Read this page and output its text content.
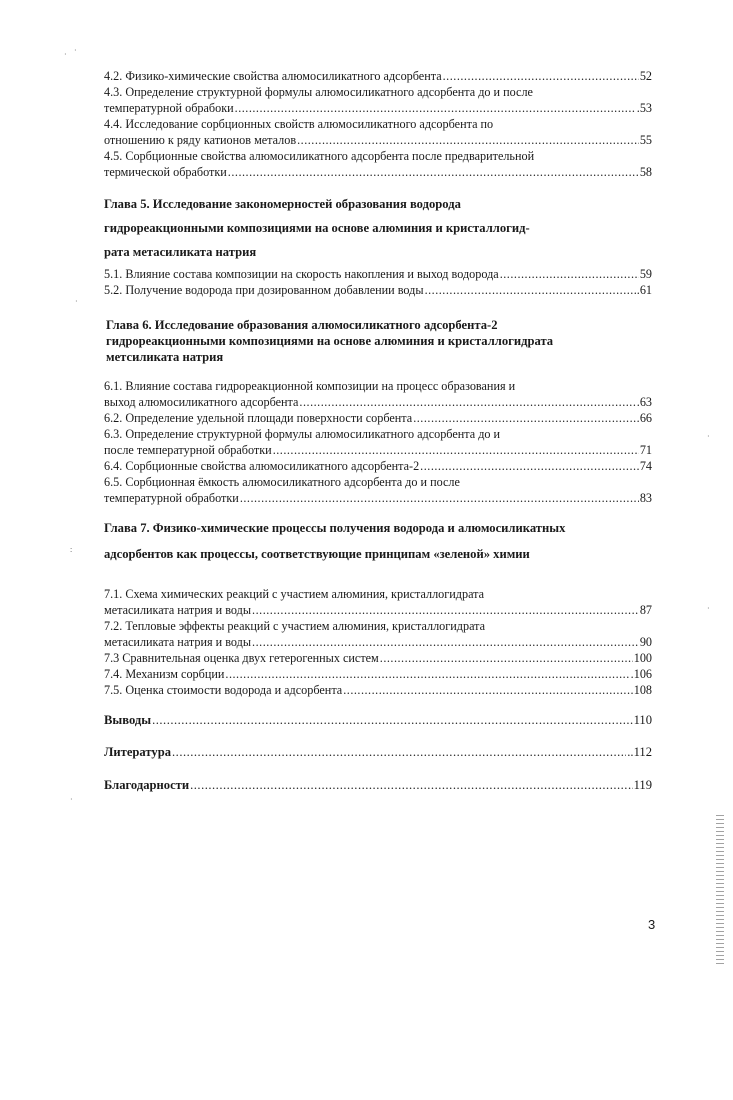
· ·
·
·
:
·
·
4.2. Физико-химические свойства алюмосиликатного адсорбента .....	52
4.3. Определение структурной формулы алюмосиликатного адсорбента до и после
температурной обрабоки .....	.53
4.4. Исследование сорбционных свойств алюмосиликатного адсорбента по
отношению к ряду катионов металов .....	55
4.5. Сорбционные свойства алюмосиликатного адсорбента после предварительной
термической обработки .....	58
Глава 5. Исследование закономерностей образования водорода
гидрореакционными композициями на основе алюминия и кристаллогид-
рата метасиликата натрия
5.1. Влияние состава композиции на скорость накопления и выход водорода .....	59
5.2. Получение водорода при дозированном добавлении воды .....	..61
Глава 6. Исследование образования алюмосиликатного адсорбента-2
гидрореакционными композициями на основе алюминия и кристаллогидрата
метсиликата натрия
6.1. Влияние состава гидрореакционной композиции на процесс образования и
выход алюмосиликатного адсорбента .....	.63
6.2. Определение удельной площади поверхности сорбента .....	66
6.3. Определение структурной формулы алюмосиликатного адсорбента до и
после температурной обработки .....	71
6.4. Сорбционные свойства алюмосиликатного адсорбента-2 .....	74
6.5. Сорбционная ёмкость алюмосиликатного адсорбента до и после
температурной обработки .....	83
Глава 7. Физико-химические процессы получения водорода и алюмосиликатных
адсорбентов как процессы, соответствующие принципам «зеленой» химии
7.1. Схема химических реакций с участием алюминия, кристаллогидрата
метасиликата натрия и воды .....	87
7.2. Тепловые эффекты реакций с участием алюминия, кристаллогидрата
метасиликата натрия и воды .....	90
7.3 Сравнительная оценка двух гетерогенных систем .....	100
7.4. Механизм сорбции .....	.106
7.5. Оценка стоимости водорода и адсорбента .....	108
Выводы .....	110
Литература .....	..112
Благодарности .....	119
3
